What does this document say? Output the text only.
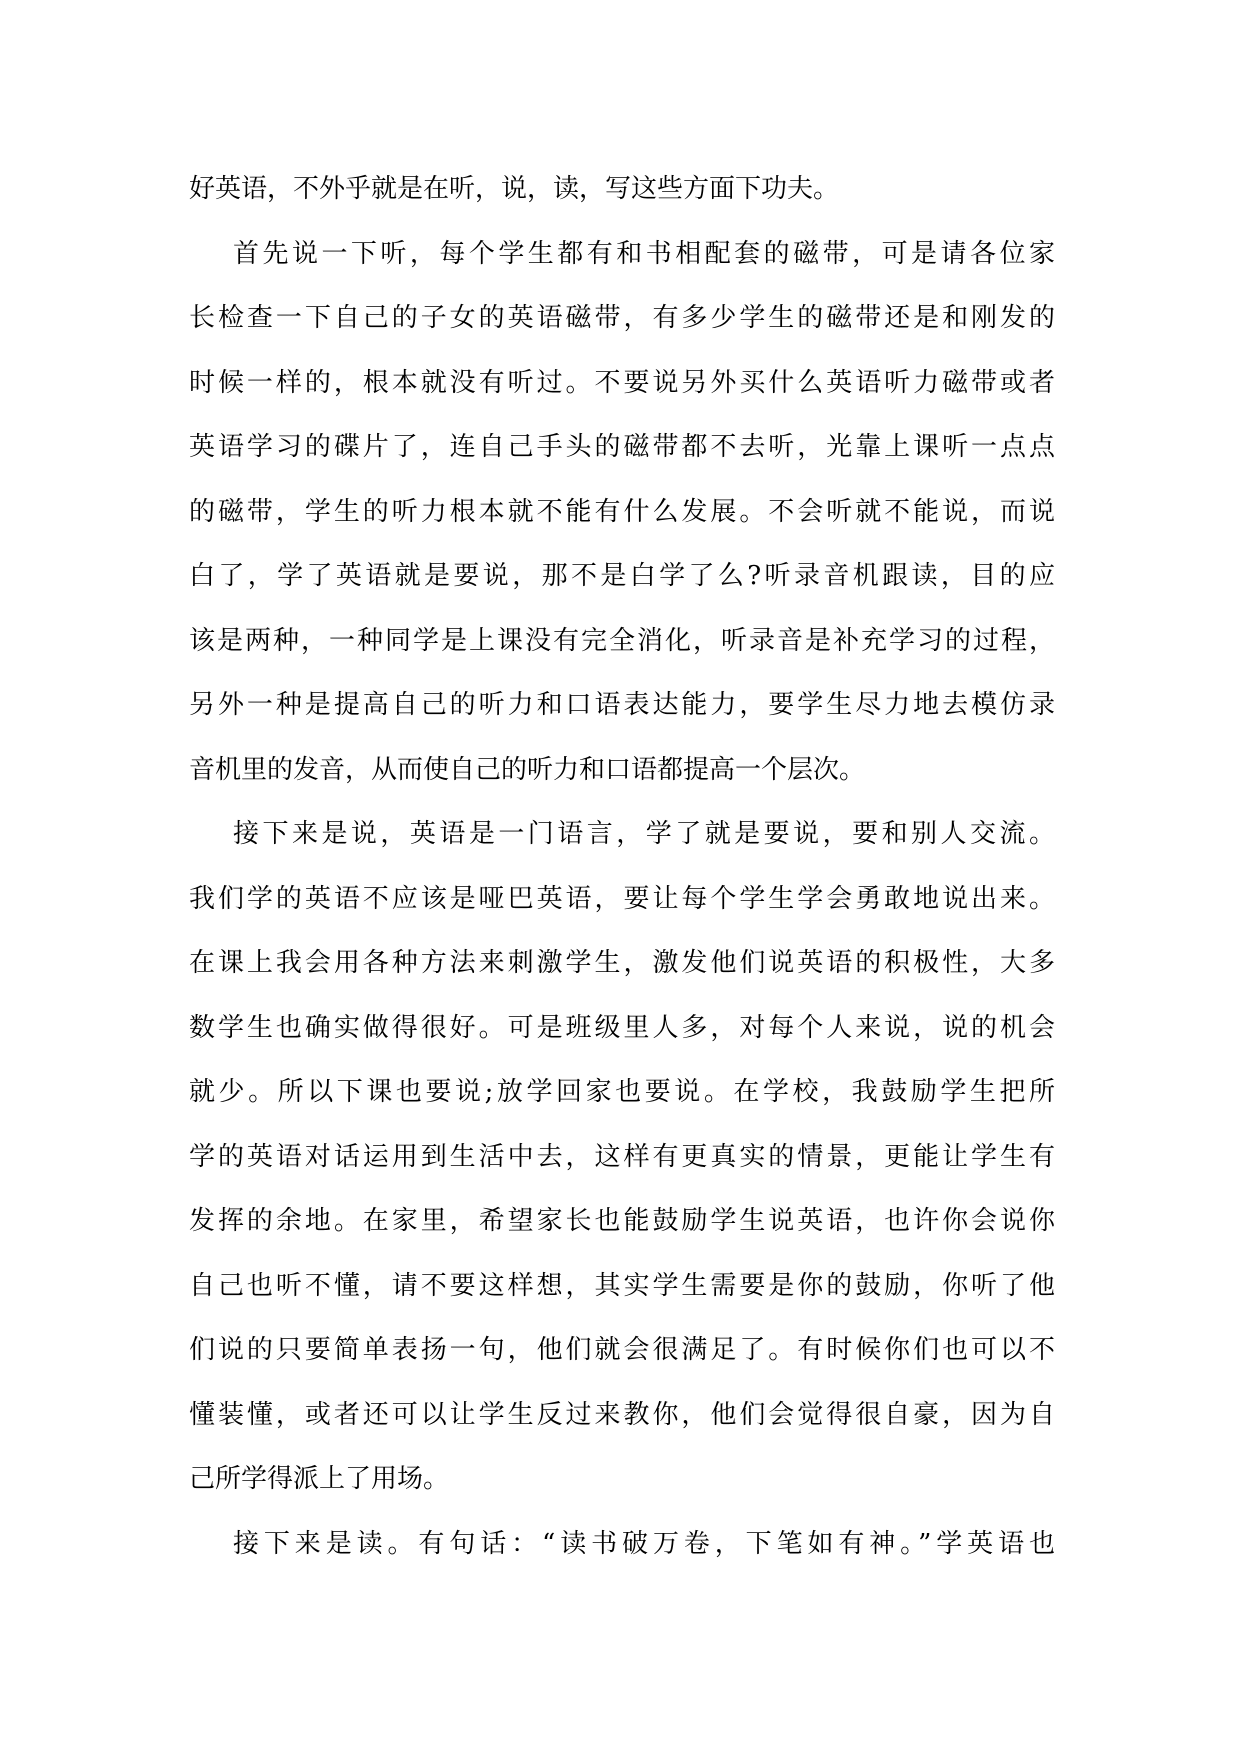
好英语，不外乎就是在听，说，读，写这些方面下功夫。
首先说一下听，每个学生都有和书相配套的磁带，可是请各位家
长检查一下自己的子女的英语磁带，有多少学生的磁带还是和刚发的
时候一样的，根本就没有听过。不要说另外买什么英语听力磁带或者
英语学习的碟片了，连自己手头的磁带都不去听，光靠上课听一点点
的磁带，学生的听力根本就不能有什么发展。不会听就不能说，而说
白了，学了英语就是要说，那不是白学了么?听录音机跟读，目的应
该是两种，一种同学是上课没有完全消化，听录音是补充学习的过程，
另外一种是提高自己的听力和口语表达能力，要学生尽力地去模仿录
音机里的发音，从而使自己的听力和口语都提高一个层次。
接下来是说，英语是一门语言，学了就是要说，要和别人交流。
我们学的英语不应该是哑巴英语，要让每个学生学会勇敢地说出来。
在课上我会用各种方法来刺激学生，激发他们说英语的积极性，大多
数学生也确实做得很好。可是班级里人多，对每个人来说，说的机会
就少。所以下课也要说;放学回家也要说。在学校，我鼓励学生把所
学的英语对话运用到生活中去，这样有更真实的情景，更能让学生有
发挥的余地。在家里，希望家长也能鼓励学生说英语，也许你会说你
自己也听不懂，请不要这样想，其实学生需要是你的鼓励，你听了他
们说的只要简单表扬一句，他们就会很满足了。有时候你们也可以不
懂装懂，或者还可以让学生反过来教你，他们会觉得很自豪，因为自
己所学得派上了用场。
接下来是读。有句话：“读书破万卷，下笔如有神。”学英语也
